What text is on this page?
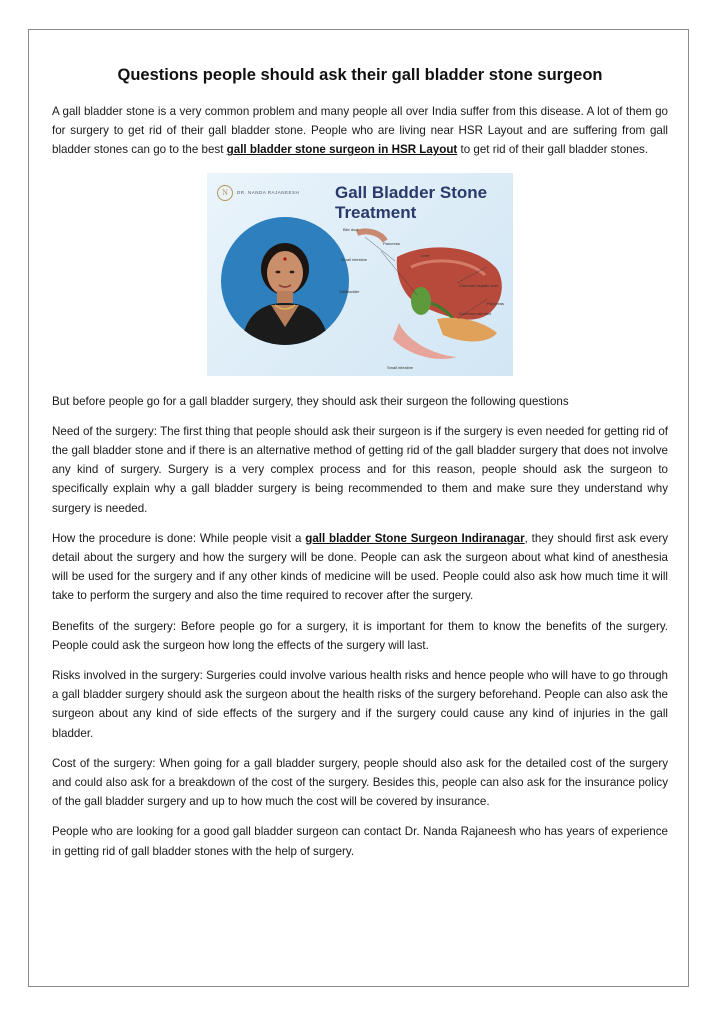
Questions people should ask their gall bladder stone surgeon

A gall bladder stone is a very common problem and many people all over India suffer from this disease. A lot of them go for surgery to get rid of their gall bladder stone. People who are living near HSR Layout and are suffering from gall bladder stones can go to the best gall bladder stone surgeon in HSR Layout to get rid of their gall bladder stones.

N	DR. NANDA RAJANEESH Gall Bladder Stone
Treatment
Bile duct
Pancreas
Liver
Small intestine
Gallbladder
Common hepatic duct
Pancreas
Common bile duct
Small intestine

But before people go for a gall bladder surgery, they should ask their surgeon the following questions

Need of the surgery: The first thing that people should ask their surgeon is if the surgery is even needed for getting rid of the gall bladder stone and if there is an alternative method of getting rid of the gall bladder surgery that does not involve any kind of surgery. Surgery is a very complex process and for this reason, people should ask the surgeon to specifically explain why a gall bladder surgery is being recommended to them and make sure they understand why surgery is needed.

How the procedure is done: While people visit a gall bladder Stone Surgeon Indiranagar, they should first ask every detail about the surgery and how the surgery will be done. People can ask the surgeon about what kind of anesthesia will be used for the surgery and if any other kinds of medicine will be used. People could also ask how much time it will take to perform the surgery and also the time required to recover after the surgery.

Benefits of the surgery: Before people go for a surgery, it is important for them to know the benefits of the surgery. People could ask the surgeon how long the effects of the surgery will last.

Risks involved in the surgery: Surgeries could involve various health risks and hence people who will have to go through a gall bladder surgery should ask the surgeon about the health risks of the surgery beforehand. People can also ask the surgeon about any kind of side effects of the surgery and if the surgery could cause any kind of injuries in the gall bladder.

Cost of the surgery: When going for a gall bladder surgery, people should also ask for the detailed cost of the surgery and could also ask for a breakdown of the cost of the surgery. Besides this, people can also ask for the insurance policy of the gall bladder surgery and up to how much the cost will be covered by insurance.

People who are looking for a good gall bladder surgeon can contact Dr. Nanda Rajaneesh who has years of experience in getting rid of gall bladder stones with the help of surgery.
